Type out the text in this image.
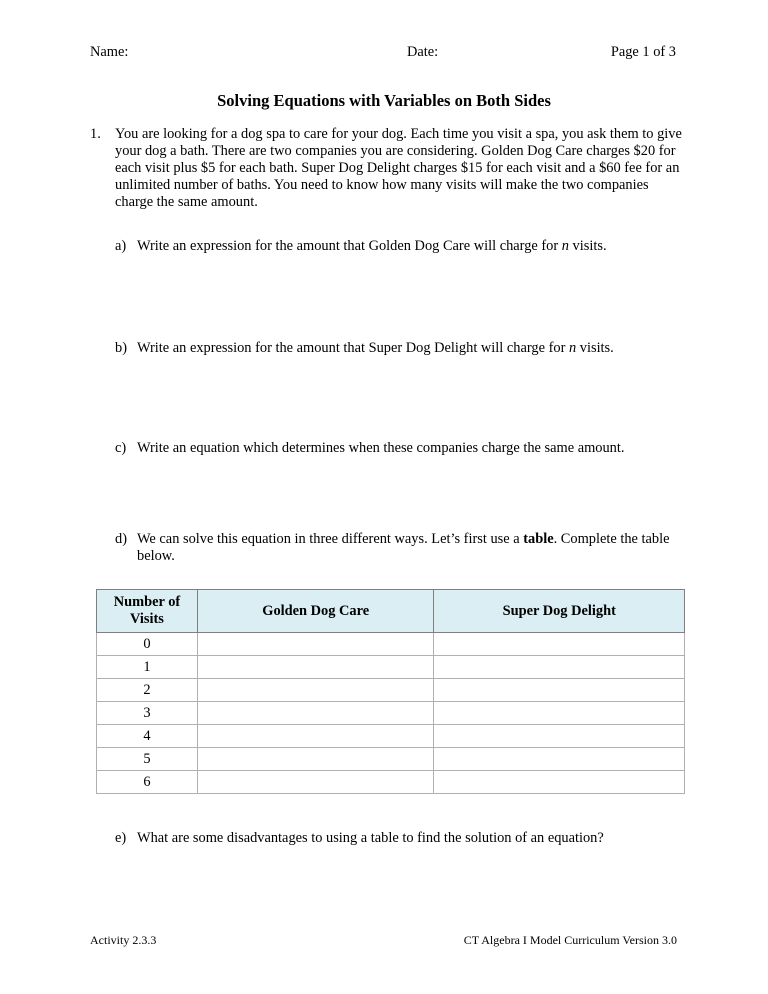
Name:	Date:	Page 1 of 3
Solving Equations with Variables on Both Sides
1. You are looking for a dog spa to care for your dog. Each time you visit a spa, you ask them to give your dog a bath. There are two companies you are considering. Golden Dog Care charges $20 for each visit plus $5 for each bath. Super Dog Delight charges $15 for each visit and a $60 fee for an unlimited number of baths. You need to know how many visits will make the two companies charge the same amount.
a) Write an expression for the amount that Golden Dog Care will charge for n visits.
b) Write an expression for the amount that Super Dog Delight will charge for n visits.
c) Write an equation which determines when these companies charge the same amount.
d) We can solve this equation in three different ways. Let’s first use a table. Complete the table below.
Number of Visits	Golden Dog Care	Super Dog Delight
0		
1		
2		
3		
4		
5		
6		
e) What are some disadvantages to using a table to find the solution of an equation?
Activity 2.3.3	CT Algebra I Model Curriculum Version 3.0
